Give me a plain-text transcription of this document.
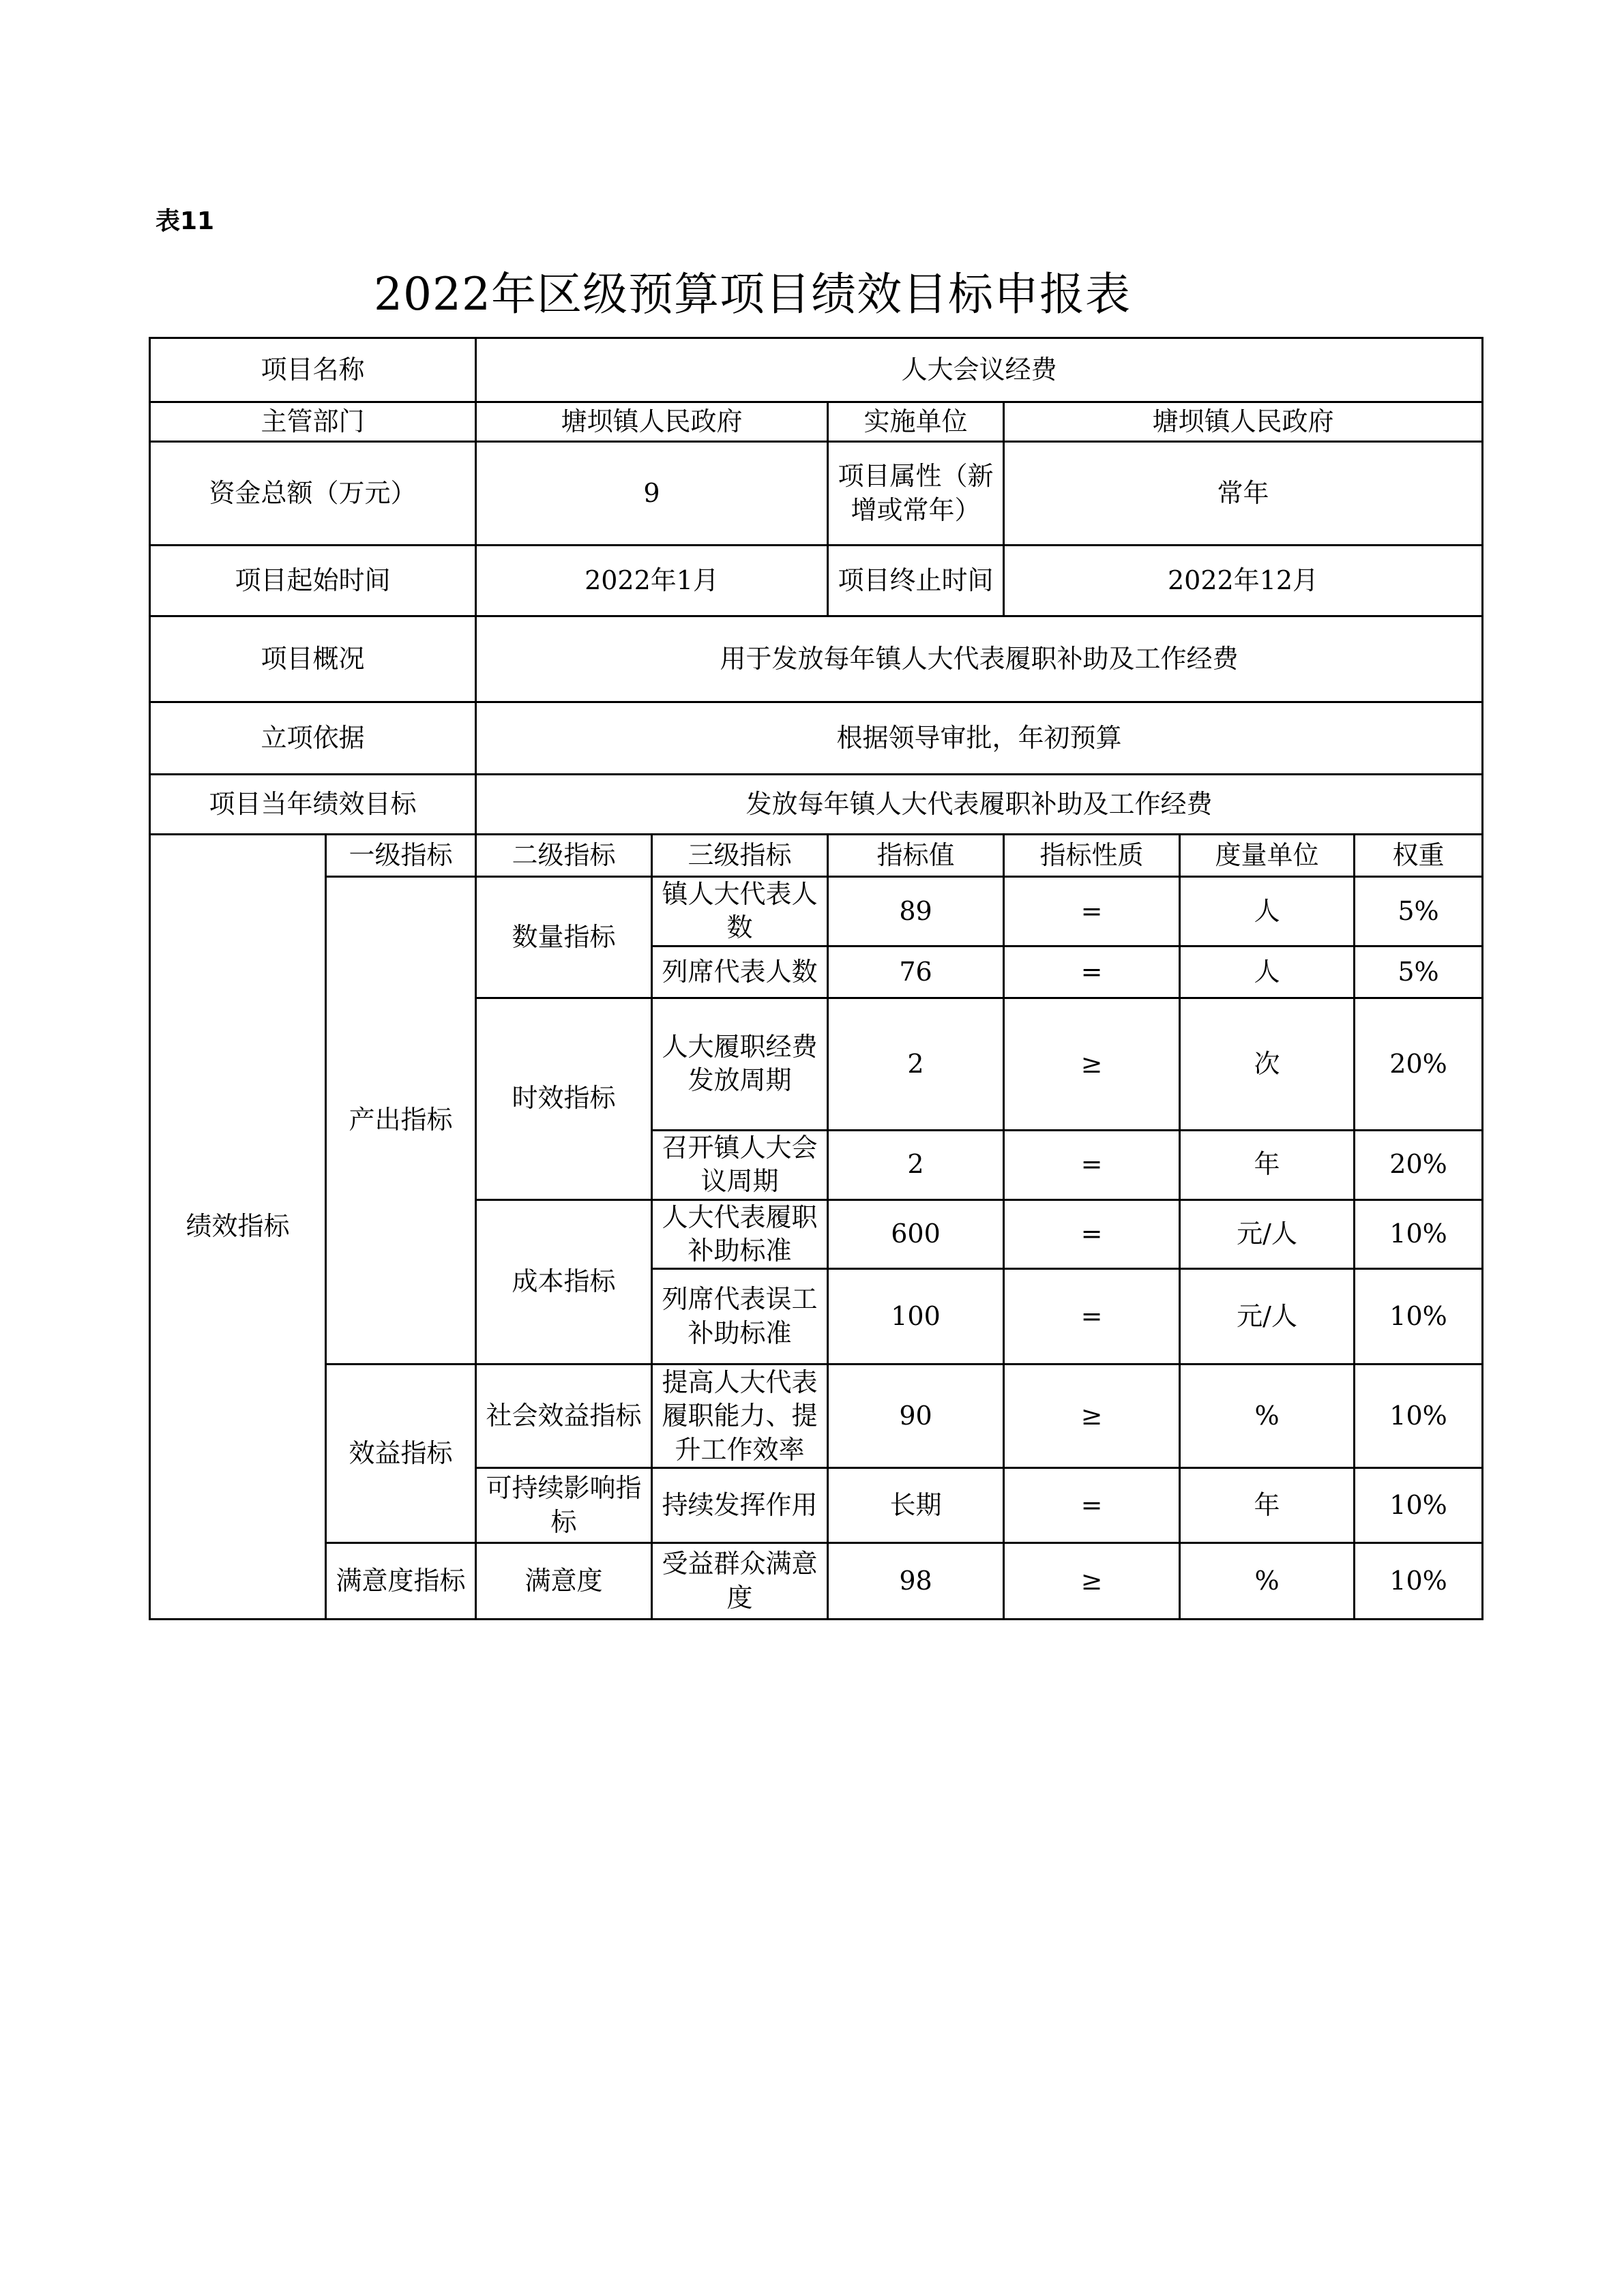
表11
2022年区级预算项目绩效目标申报表
项目名称		人大会议经费					
主管部门		塘坝镇人民政府		实施单位	塘坝镇人民政府		
资金总额（万元）		9		项目属性（新增或常年）	常年		
项目起始时间		2022年1月		项目终止时间	2022年12月		
项目概况		用于发放每年镇人大代表履职补助及工作经费					
立项依据		根据领导审批，年初预算					
项目当年绩效目标		发放每年镇人大代表履职补助及工作经费					
绩效指标	一级指标	二级指标	三级指标	指标值	指标性质	度量单位	权重
	产出指标	数量指标	镇人大代表人数	89	=	人	5%
			列席代表人数	76	=	人	5%
		时效指标	人大履职经费发放周期	2	≥	次	20%
			召开镇人大会议周期	2	=	年	20%
		成本指标	人大代表履职补助标准	600	=	元/人	10%
			列席代表误工补助标准	100	=	元/人	10%
	效益指标	社会效益指标	提高人大代表履职能力、提升工作效率	90	≥	%	10%
		可持续影响指标	持续发挥作用	长期	=	年	10%
	满意度指标	满意度	受益群众满意度	98	≥	%	10%
